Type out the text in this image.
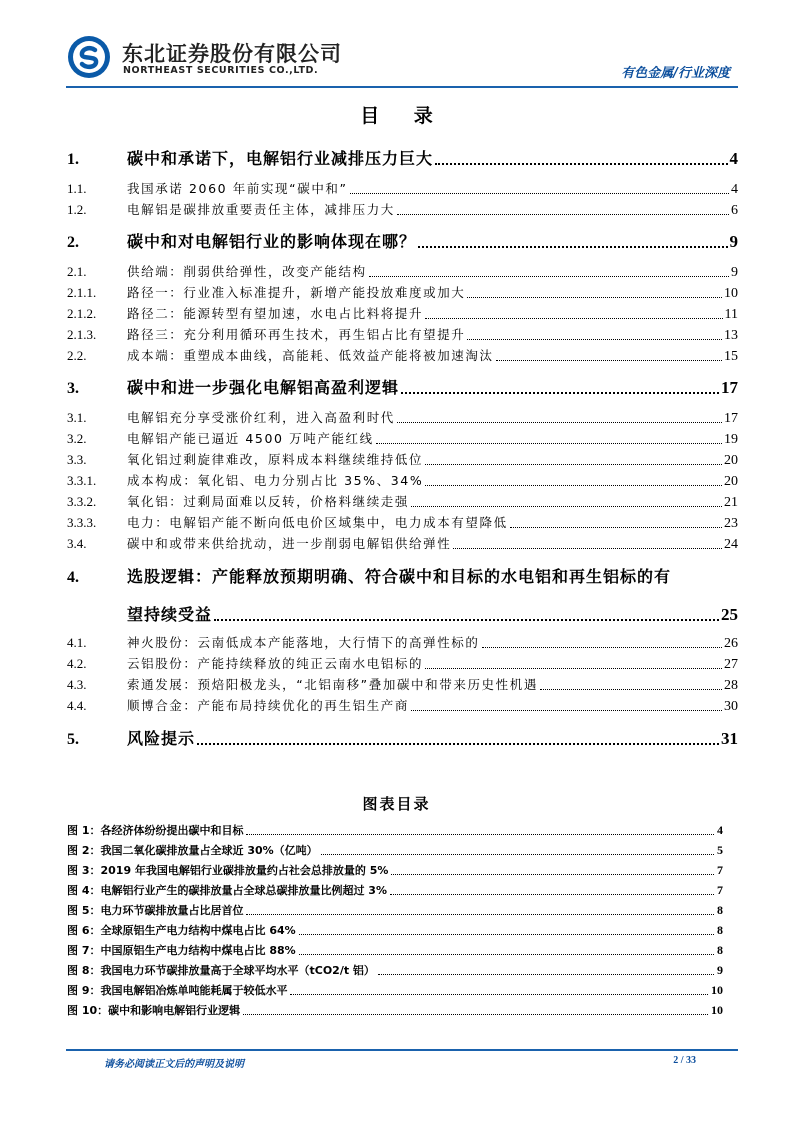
东北证券股份有限公司
NORTHEAST SECURITIES CO.,LTD.	有色金属/行业深度
目 录
1.	碳中和承诺下，电解铝行业减排压力巨大	4
1.1.	我国承诺 2060 年前实现“碳中和”	4
1.2.	电解铝是碳排放重要责任主体，减排压力大	6
2.	碳中和对电解铝行业的影响体现在哪？	9
2.1.	供给端：削弱供给弹性，改变产能结构	9
2.1.1.	路径一：行业准入标准提升，新增产能投放难度或加大	10
2.1.2.	路径二：能源转型有望加速，水电占比料将提升	11
2.1.3.	路径三：充分利用循环再生技术，再生铝占比有望提升	13
2.2.	成本端：重塑成本曲线，高能耗、低效益产能将被加速淘汰	15
3.	碳中和进一步强化电解铝高盈利逻辑	17
3.1.	电解铝充分享受涨价红利，进入高盈利时代	17
3.2.	电解铝产能已逼近 4500 万吨产能红线	19
3.3.	氧化铝过剩旋律难改，原料成本料继续维持低位	20
3.3.1.	成本构成：氧化铝、电力分别占比 35%、34%	20
3.3.2.	氧化铝：过剩局面难以反转，价格料继续走强	21
3.3.3.	电力：电解铝产能不断向低电价区域集中，电力成本有望降低	23
3.4.	碳中和或带来供给扰动，进一步削弱电解铝供给弹性	24
4.	选股逻辑：产能释放预期明确、符合碳中和目标的水电铝和再生铝标的有
望持续受益	25
4.1.	神火股份：云南低成本产能落地，大行情下的高弹性标的	26
4.2.	云铝股份：产能持续释放的纯正云南水电铝标的	27
4.3.	索通发展：预焙阳极龙头，“北铝南移”叠加碳中和带来历史性机遇	28
4.4.	顺博合金：产能布局持续优化的再生铝生产商	30
5.	风险提示	31
图表目录
图 1： 各经济体纷纷提出碳中和目标	4
图 2： 我国二氧化碳排放量占全球近 30%（亿吨）	5
图 3： 2019 年我国电解铝行业碳排放量约占社会总排放量的 5%	7
图 4： 电解铝行业产生的碳排放量占全球总碳排放量比例超过 3%	7
图 5： 电力环节碳排放量占比居首位	8
图 6： 全球原铝生产电力结构中煤电占比 64%	8
图 7： 中国原铝生产电力结构中煤电占比 88%	8
图 8： 我国电力环节碳排放量高于全球平均水平（tCO2/t 铝）	9
图 9： 我国电解铝冶炼单吨能耗属于较低水平	10
图 10： 碳中和影响电解铝行业逻辑	10
请务必阅读正文后的声明及说明	2 / 33
